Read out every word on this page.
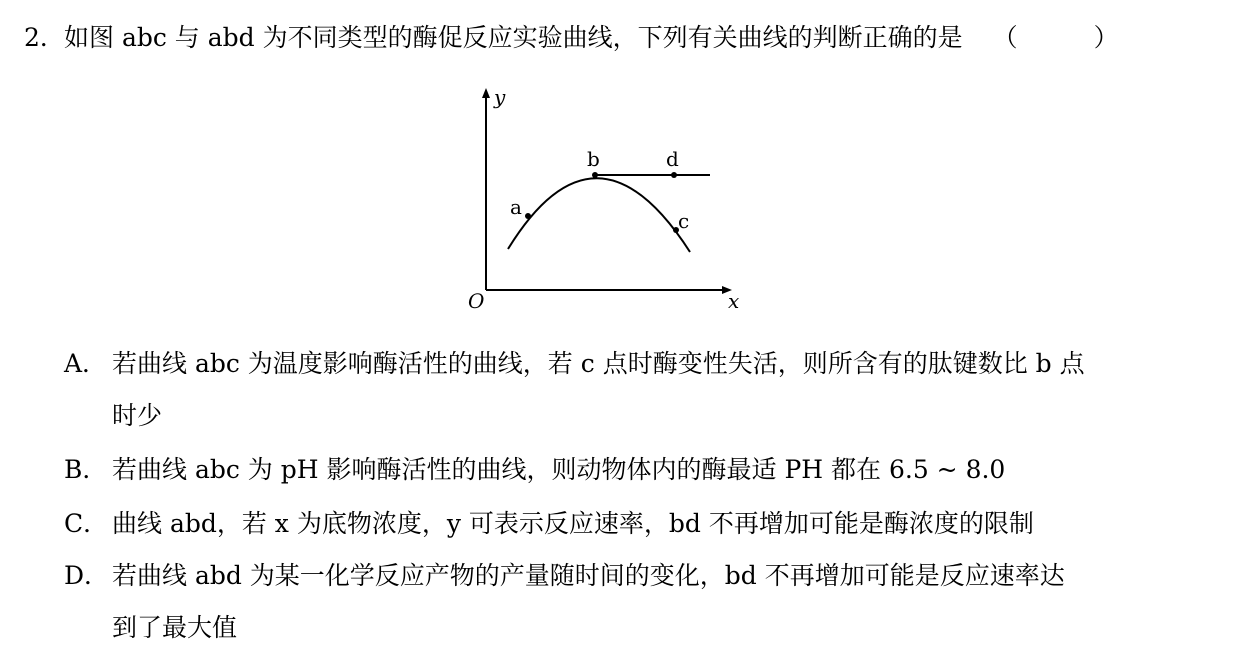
2．如图 abc 与 abd 为不同类型的酶促反应实验曲线，下列有关曲线的判断正确的是 （	）
y
x
O
a
b	d
c
A． 若曲线 abc 为温度影响酶活性的曲线，若 c 点时酶变性失活，则所含有的肽键数比 b 点
时少
B． 若曲线 abc 为 pH 影响酶活性的曲线，则动物体内的酶最适 PH 都在 6.5 ~ 8.0
C． 曲线 abd，若 x 为底物浓度，y 可表示反应速率，bd 不再增加可能是酶浓度的限制
D． 若曲线 abd 为某一化学反应产物的产量随时间的变化，bd 不再增加可能是反应速率达
到了最大值
